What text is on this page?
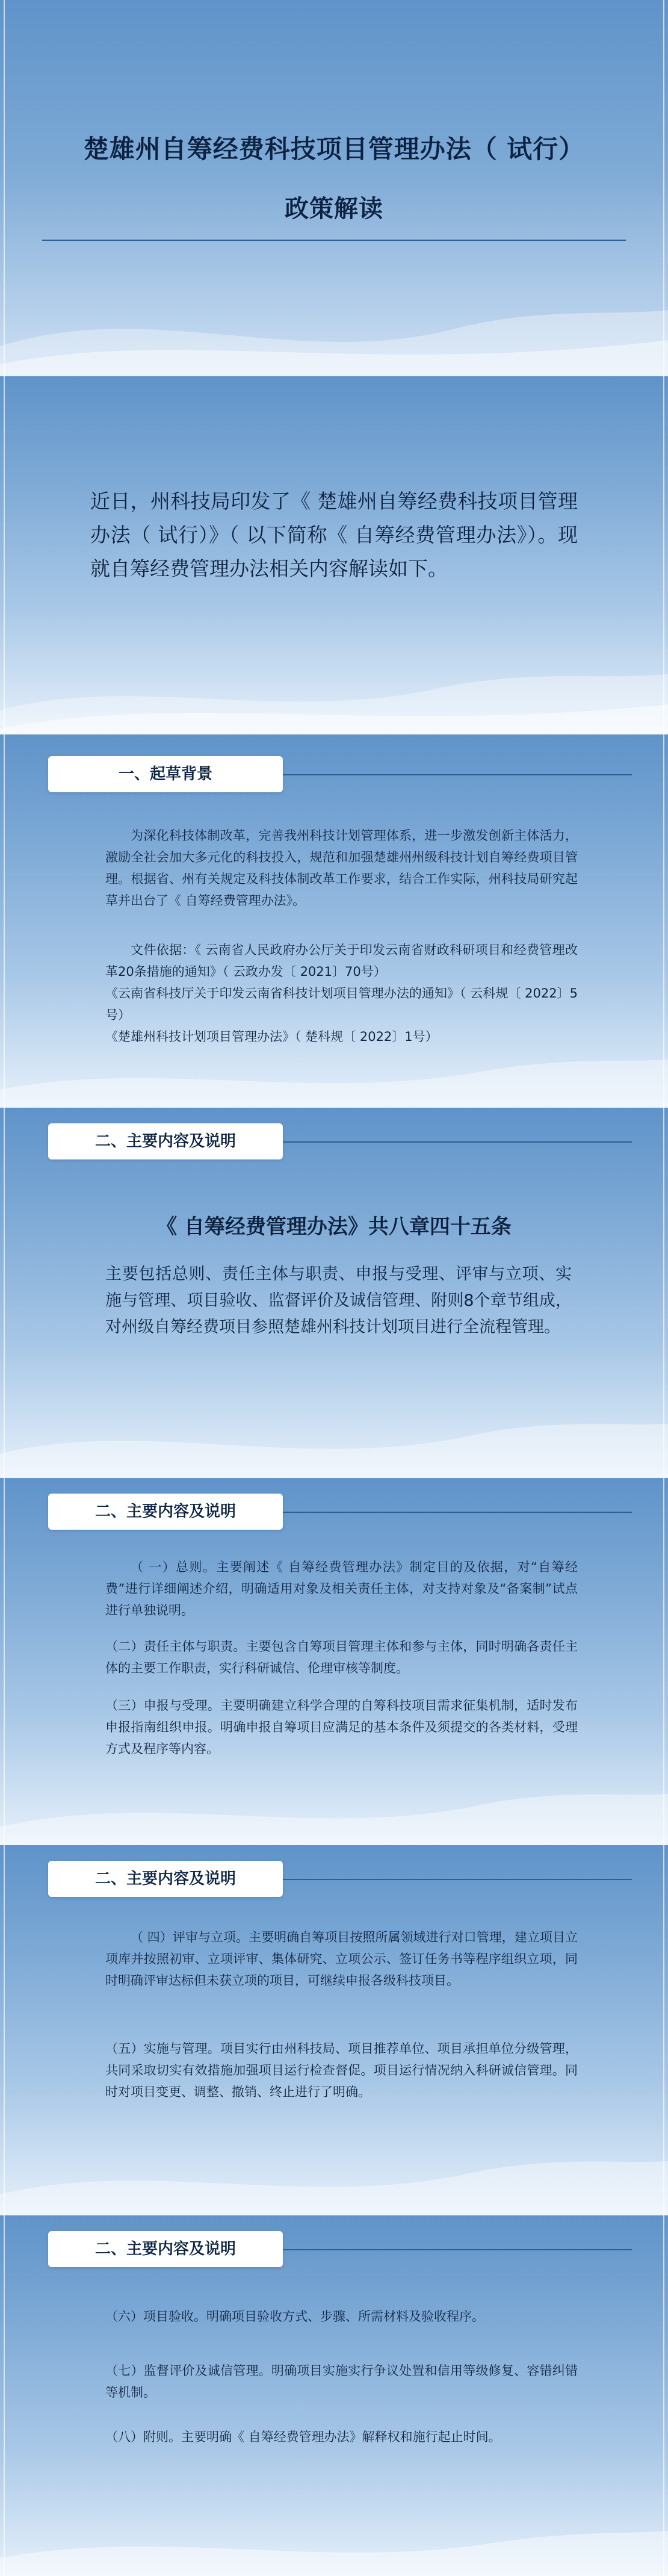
楚雄州自筹经费科技项目管理办法（ 试行）
政策解读
近日，州科技局印发了《 楚雄州自筹经费科技项目管理办法（ 试行）》（ 以下简称《 自筹经费管理办法》）。现就自筹经费管理办法相关内容解读如下。
一、起草背景
为深化科技体制改革，完善我州科技计划管理体系，进一步激发创新主体活力，激励全社会加大多元化的科技投入，规范和加强楚雄州州级科技计划自筹经费项目管理。根据省、州有关规定及科技体制改革工作要求，结合工作实际，州科技局研究起草并出台了《 自筹经费管理办法》。
文件依据：《 云南省人民政府办公厅关于印发云南省财政科研项目和经费管理改革20条措施的通知》（ 云政办发〔 2021〕70号）
《云南省科技厅关于印发云南省科技计划项目管理办法的通知》（ 云科规〔 2022〕5号）
《楚雄州科技计划项目管理办法》（ 楚科规〔 2022〕1号）
二、主要内容及说明
《 自筹经费管理办法》共八章四十五条
主要包括总则、责任主体与职责、申报与受理、评审与立项、实施与管理、项目验收、监督评价及诚信管理、附则8个章节组成，对州级自筹经费项目参照楚雄州科技计划项目进行全流程管理。
二、主要内容及说明
（ 一）总则。主要阐述《 自筹经费管理办法》制定目的及依据，对“自筹经费”进行详细阐述介绍，明确适用对象及相关责任主体，对支持对象及“备案制”试点进行单独说明。
（二）责任主体与职责。主要包含自筹项目管理主体和参与主体，同时明确各责任主体的主要工作职责，实行科研诚信、伦理审核等制度。
（三）申报与受理。主要明确建立科学合理的自筹科技项目需求征集机制，适时发布申报指南组织申报。明确申报自筹项目应满足的基本条件及须提交的各类材料，受理方式及程序等内容。
二、主要内容及说明
（ 四）评审与立项。主要明确自筹项目按照所属领域进行对口管理，建立项目立项库并按照初审、立项评审、集体研究、立项公示、签订任务书等程序组织立项，同时明确评审达标但未获立项的项目，可继续申报各级科技项目。
（五）实施与管理。项目实行由州科技局、项目推荐单位、项目承担单位分级管理，共同采取切实有效措施加强项目运行检查督促。项目运行情况纳入科研诚信管理。同时对项目变更、调整、撤销、终止进行了明确。
二、主要内容及说明
（六）项目验收。明确项目验收方式、步骤、所需材料及验收程序。
（七）监督评价及诚信管理。明确项目实施实行争议处置和信用等级修复、容错纠错等机制。
（八）附则。主要明确《 自筹经费管理办法》解释权和施行起止时间。
